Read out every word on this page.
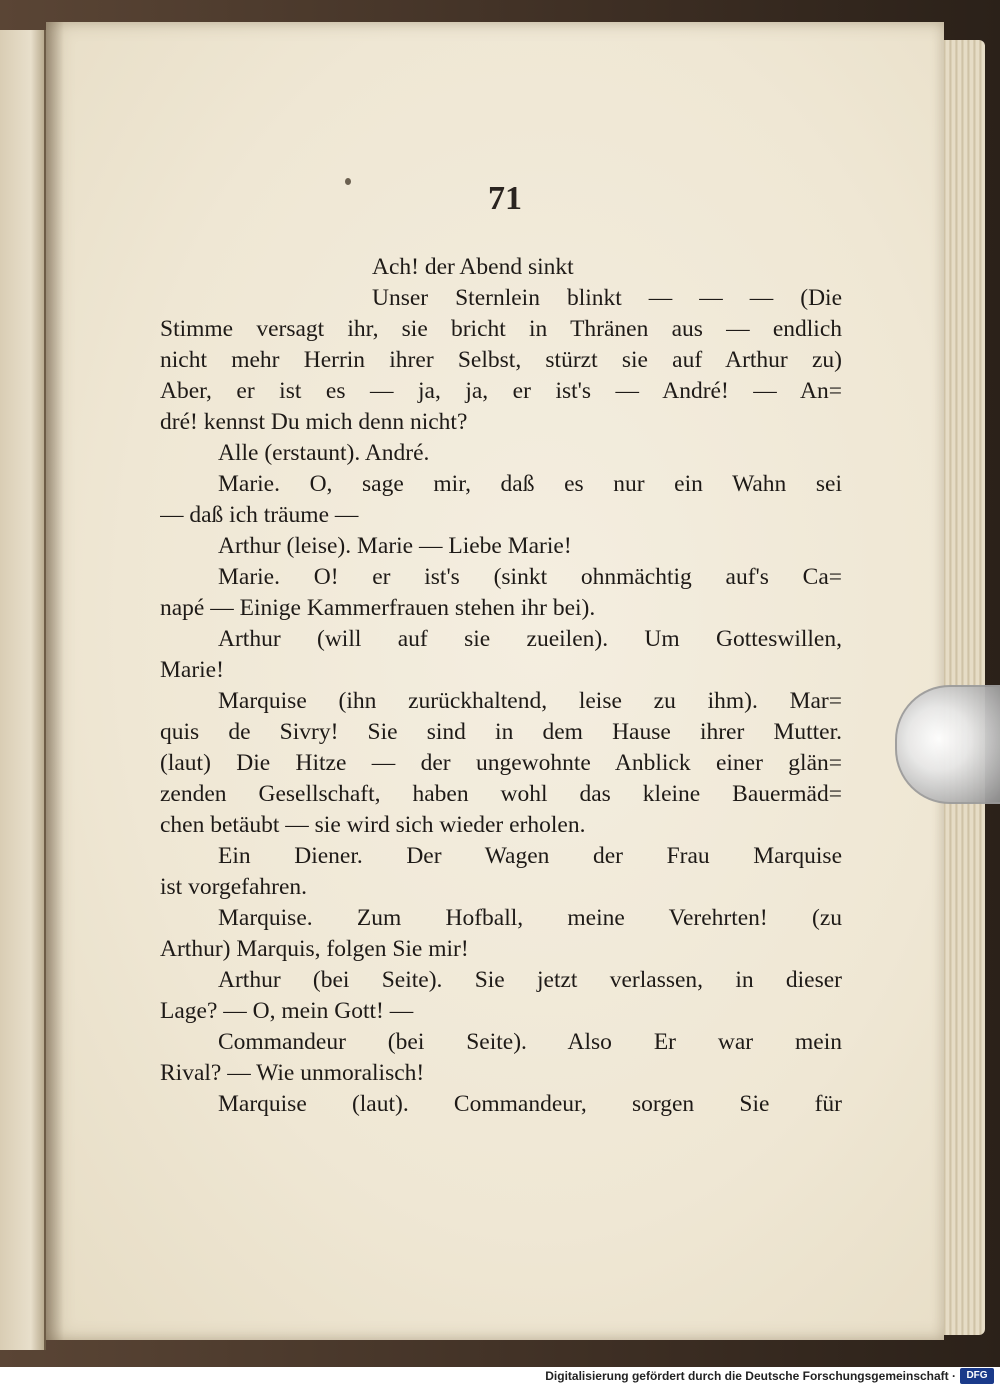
71
Ach! der Abend sinkt
Unser Sternlein blinkt — — — (Die
Stimme versagt ihr, sie bricht in Thränen aus — endlich
nicht mehr Herrin ihrer Selbst, stürzt sie auf Arthur zu)
Aber, er ist es — ja, ja, er ist's — André! — An=
dré! kennst Du mich denn nicht?
Alle (erstaunt). André.
Marie. O, sage mir, daß es nur ein Wahn sei
— daß ich träume —
Arthur (leise). Marie — Liebe Marie!
Marie. O! er ist's (sinkt ohnmächtig auf's Ca=
napé — Einige Kammerfrauen stehen ihr bei).
Arthur (will auf sie zueilen). Um Gotteswillen,
Marie!
Marquise (ihn zurückhaltend, leise zu ihm). Mar=
quis de Sivry! Sie sind in dem Hause ihrer Mutter.
(laut) Die Hitze — der ungewohnte Anblick einer glän=
zenden Gesellschaft, haben wohl das kleine Bauermäd=
chen betäubt — sie wird sich wieder erholen.
Ein Diener. Der Wagen der Frau Marquise
ist vorgefahren.
Marquise. Zum Hofball, meine Verehrten! (zu
Arthur) Marquis, folgen Sie mir!
Arthur (bei Seite). Sie jetzt verlassen, in dieser
Lage? — O, mein Gott! —
Commandeur (bei Seite). Also Er war mein
Rival? — Wie unmoralisch!
Marquise (laut). Commandeur, sorgen Sie für
Digitalisierung gefördert durch die Deutsche Forschungsgemeinschaft ·	DFG
